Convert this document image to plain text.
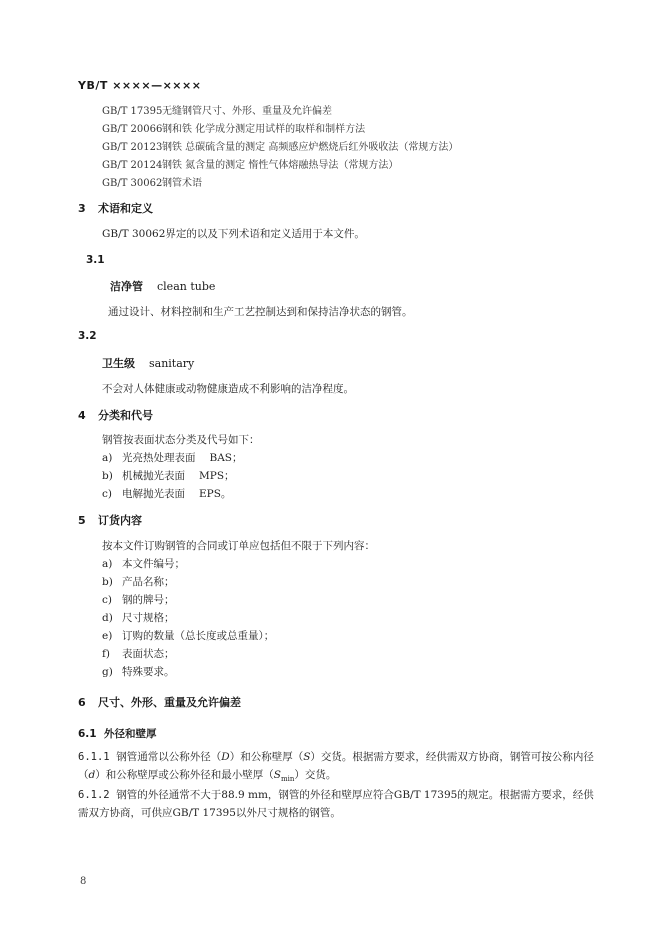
YB/T ××××—××××
GB/T 17395无缝钢管尺寸、外形、重量及允许偏差
GB/T 20066钢和铁 化学成分测定用试样的取样和制样方法
GB/T 20123钢铁 总碳硫含量的测定 高频感应炉燃烧后红外吸收法（常规方法）
GB/T 20124钢铁 氮含量的测定 惰性气体熔融热导法（常规方法）
GB/T 30062钢管术语
3 术语和定义
GB/T 30062界定的以及下列术语和定义适用于本文件。
3.1
洁净管 clean tube
通过设计、材料控制和生产工艺控制达到和保持洁净状态的钢管。
3.2
卫生级 sanitary
不会对人体健康或动物健康造成不利影响的洁净程度。
4 分类和代号
钢管按表面状态分类及代号如下：
a) 光亮热处理表面 BAS；
b) 机械抛光表面 MPS；
c) 电解抛光表面 EPS。
5 订货内容
按本文件订购钢管的合同或订单应包括但不限于下列内容：
a) 本文件编号；
b) 产品名称；
c) 钢的牌号；
d) 尺寸规格；
e) 订购的数量（总长度或总重量）；
f) 表面状态；
g) 特殊要求。
6 尺寸、外形、重量及允许偏差
6.1 外径和壁厚
6.1.1 钢管通常以公称外径（D）和公称壁厚（S）交货。根据需方要求，经供需双方协商，钢管可按公称内径（d）和公称壁厚或公称外径和最小壁厚$(S_{min})$交货。
6.1.2 钢管的外径通常不大于88.9 mm，钢管的外径和壁厚应符合GB/T 17395的规定。根据需方要求，经供需双方协商，可供应GB/T 17395以外尺寸规格的钢管。
8
